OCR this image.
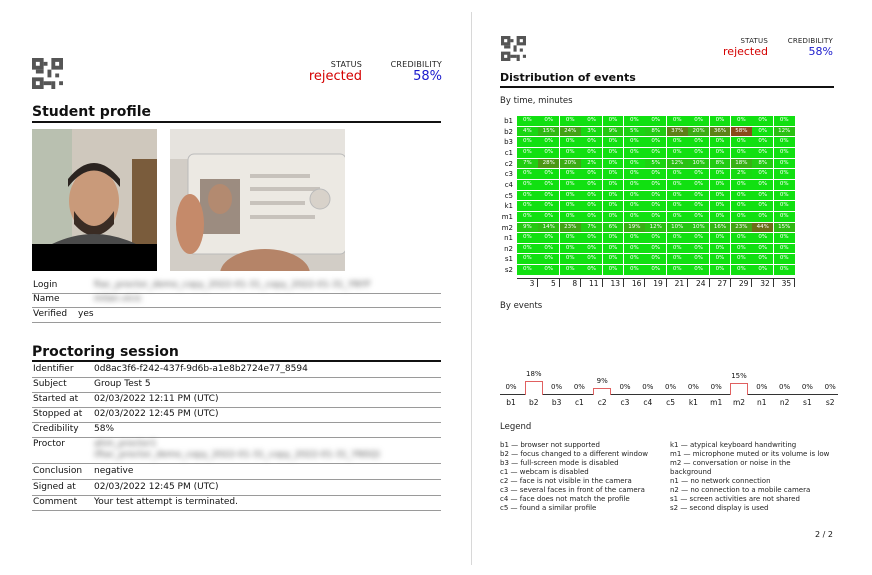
STATUS
rejected
CREDIBILITY
58%
Student profile
Login	ftac_proctor_demo_copy_2022-01-31_copy_2022-01-31_YNYF
Name	milan.vicic
Verified yes
Proctoring session
Identifier 0d8ac3f6-f242-437f-9d6b-a1e8b2724e77_8594
Subject	Group Test 5
Started at 02/03/2022 12:11 PM (UTC)
Stopped at 02/03/2022 12:45 PM (UTC)
Credibility 58%
Proctor	ahm_proctor1
(ftac_proctor_demo_copy_2022-01-31_copy_2022-01-31_YNSQ)
Conclusion negative
Signed at 02/03/2022 12:45 PM (UTC)
Comment Your test attempt is terminated.
STATUS
rejected
CREDIBILITY
58%
Distribution of events
By time, minutes
b1	0%	0%	0%	0%	0%	0%	0%	0%	0%	0%	0%	0%	0%
b2	4%	15%	24%	3%	9%	5%	8%	37%	20%	36%	58%	0%	12%
b3	0%	0%	0%	0%	0%	0%	0%	0%	0%	0%	0%	0%	0%
c1	0%	0%	0%	0%	0%	0%	0%	0%	0%	0%	0%	0%	0%
c2	7%	28%	20%	2%	0%	0%	5%	12%	10%	8%	18%	8%	0%
c3	0%	0%	0%	0%	0%	0%	0%	0%	0%	0%	2%	0%	0%
c4	0%	0%	0%	0%	0%	0%	0%	0%	0%	0%	0%	0%	0%
c5	0%	0%	0%	0%	0%	0%	0%	0%	0%	0%	0%	0%	0%
k1	0%	0%	0%	0%	0%	0%	0%	0%	0%	0%	0%	0%	0%
m1	0%	0%	0%	0%	0%	0%	0%	0%	0%	0%	0%	0%	0%
m2	9%	14%	23%	7%	6%	19%	12%	10%	10%	16%	23%	44%	15%
n1	0%	0%	0%	0%	0%	0%	0%	0%	0%	0%	0%	0%	0%
n2	0%	0%	0%	0%	0%	0%	0%	0%	0%	0%	0%	0%	0%
s1	0%	0%	0%	0%	0%	0%	0%	0%	0%	0%	0%	0%	0%
s2	0%	0%	0%	0%	0%	0%	0%	0%	0%	0%	0%	0%	0%
3	5	8	11	13	16	19	21	24	27	29	32	35
By events
0%
b1
18%
b2
0%
b3
0%
c1
9%
c2
0%
c3
0%
c4
0%
c5
0%
k1
0%
m1
15%
m2
0%
n1
0%
n2
0%
s1
0%
s2
Legend
b1 — browser not supported
b2 — focus changed to a different window
b3 — full-screen mode is disabled
c1 — webcam is disabled
c2 — face is not visible in the camera
c3 — several faces in front of the camera
c4 — face does not match the profile
c5 — found a similar profile
k1 — atypical keyboard handwriting
m1 — microphone muted or its volume is low
m2 — conversation or noise in the
background
n1 — no network connection
n2 — no connection to a mobile camera
s1 — screen activities are not shared
s2 — second display is used
2 / 2
